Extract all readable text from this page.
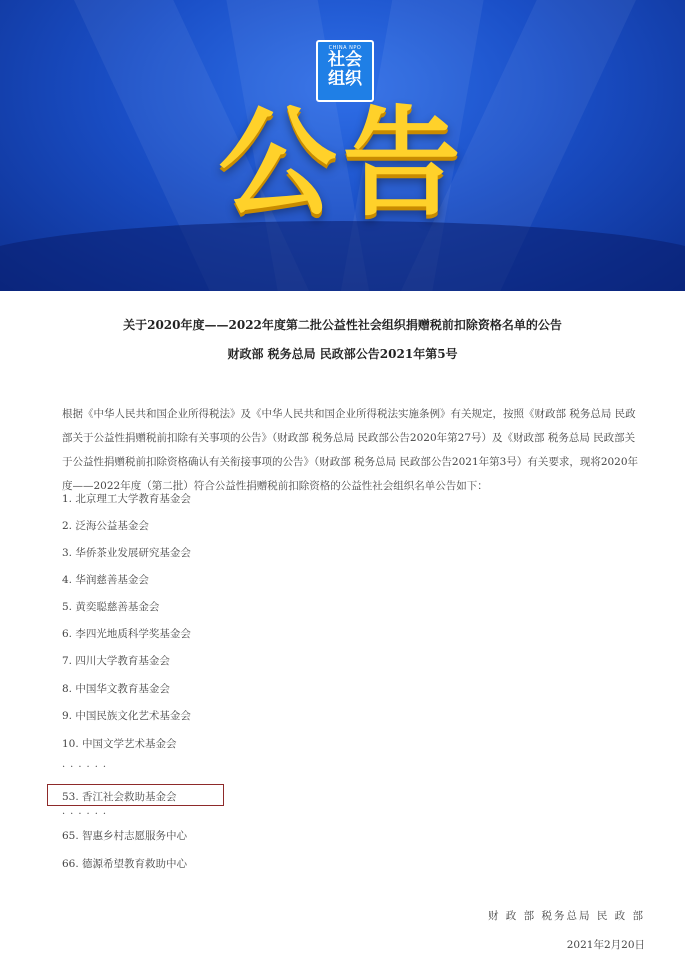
CHINA NPO
社会
组织
公告
关于2020年度——2022年度第二批公益性社会组织捐赠税前扣除资格名单的公告
财政部 税务总局 民政部公告2021年第5号
根据《中华人民共和国企业所得税法》及《中华人民共和国企业所得税法实施条例》有关规定，按照《财政部 税务总局 民政部关于公益性捐赠税前扣除有关事项的公告》（财政部 税务总局 民政部公告2020年第27号）及《财政部 税务总局 民政部关于公益性捐赠税前扣除资格确认有关衔接事项的公告》（财政部 税务总局 民政部公告2021年第3号）有关要求，现将2020年度——2022年度（第二批）符合公益性捐赠税前扣除资格的公益性社会组织名单公告如下：
1. 北京理工大学教育基金会
2. 泛海公益基金会
3. 华侨茶业发展研究基金会
4. 华润慈善基金会
5. 黄奕聪慈善基金会
6. 李四光地质科学奖基金会
7. 四川大学教育基金会
8. 中国华文教育基金会
9. 中国民族文化艺术基金会
10. 中国文学艺术基金会
······
53. 香江社会救助基金会
······
65. 智惠乡村志愿服务中心
66. 德源希望教育救助中心
财 政 部 税务总局 民 政 部
2021年2月20日
